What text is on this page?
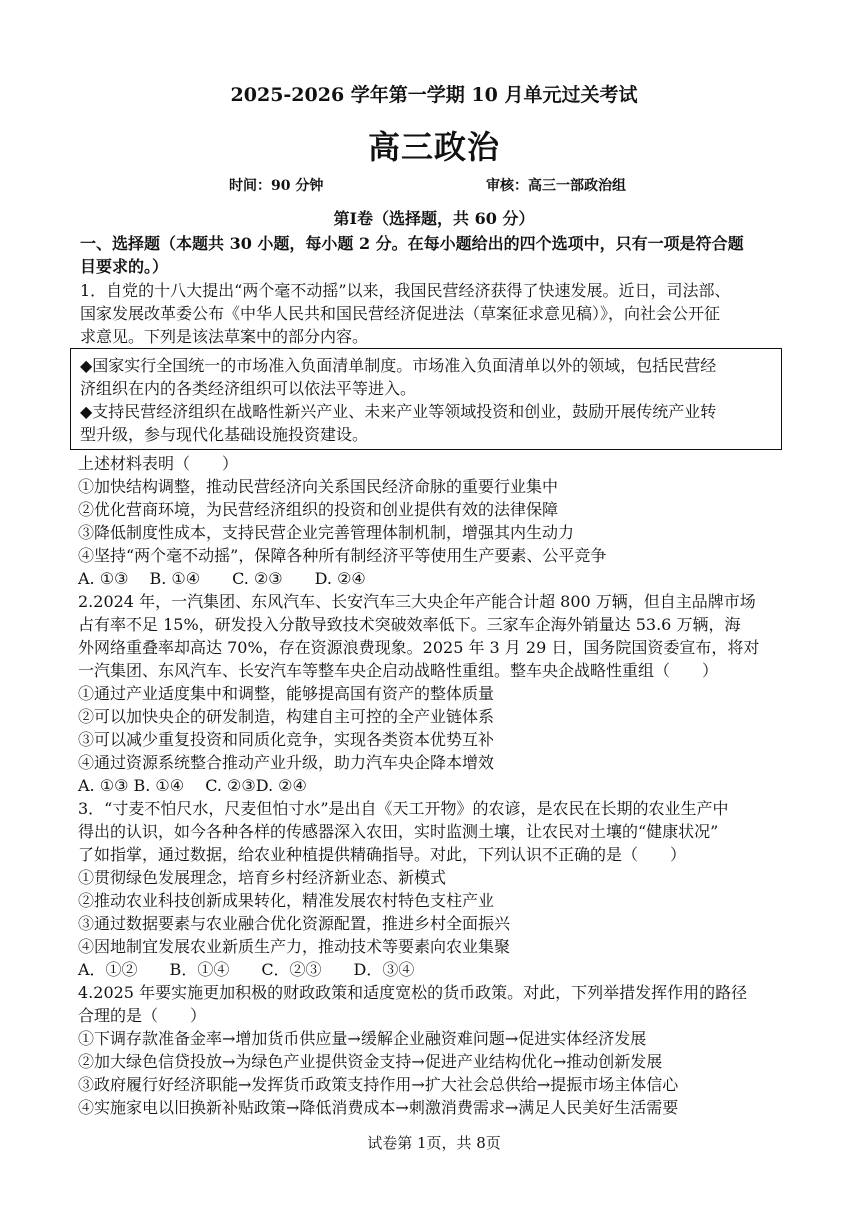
2025-2026 学年第一学期 10 月单元过关考试
高三政治
时间：90 分钟	审核：高三一部政治组
第Ⅰ卷（选择题，共 60 分）
一、选择题（本题共 30 小题，每小题 2 分。在每小题给出的四个选项中，只有一项是符合题
目要求的。）
1．自党的十八大提出“两个毫不动摇”以来，我国民营经济获得了快速发展。近日，司法部、
国家发展改革委公布《中华人民共和国民营经济促进法（草案征求意见稿）》，向社会公开征
求意见。下列是该法草案中的部分内容。
◆国家实行全国统一的市场准入负面清单制度。市场准入负面清单以外的领域，包括民营经
济组织在内的各类经济组织可以依法平等进入。
◆支持民营经济组织在战略性新兴产业、未来产业等领域投资和创业，鼓励开展传统产业转
型升级，参与现代化基础设施投资建设。
上述材料表明（　　）
①加快结构调整，推动民营经济向关系国民经济命脉的重要行业集中
②优化营商环境，为民营经济组织的投资和创业提供有效的法律保障
③降低制度性成本，支持民营企业完善管理体制机制，增强其内生动力
④坚持“两个毫不动摇”，保障各种所有制经济平等使用生产要素、公平竞争
A. ①③　 B. ①④　　C. ②③　　D. ②④
2.2024 年，一汽集团、东风汽车、长安汽车三大央企年产能合计超 800 万辆，但自主品牌市场
占有率不足 15%，研发投入分散导致技术突破效率低下。三家车企海外销量达 53.6 万辆，海
外网络重叠率却高达 70%，存在资源浪费现象。2025 年 3 月 29 日，国务院国资委宣布，将对
一汽集团、东风汽车、长安汽车等整车央企启动战略性重组。整车央企战略性重组（　　）
①通过产业适度集中和调整，能够提高国有资产的整体质量
②可以加快央企的研发制造，构建自主可控的全产业链体系
③可以减少重复投资和同质化竞争，实现各类资本优势互补
④通过资源系统整合推动产业升级，助力汽车央企降本增效
A. ①③ B. ①④　 C. ②③D. ②④
3．“寸麦不怕尺水，尺麦但怕寸水”是出自《天工开物》的农谚，是农民在长期的农业生产中
得出的认识，如今各种各样的传感器深入农田，实时监测土壤，让农民对土壤的“健康状况”
了如指掌，通过数据，给农业种植提供精确指导。对此，下列认识不正确的是（　　）
①贯彻绿色发展理念，培育乡村经济新业态、新模式
②推动农业科技创新成果转化，精准发展农村特色支柱产业
③通过数据要素与农业融合优化资源配置，推进乡村全面振兴
④因地制宜发展农业新质生产力，推动技术等要素向农业集聚
A．①②　　B．①④　　C．②③　　D．③④
4.2025 年要实施更加积极的财政政策和适度宽松的货币政策。对此，下列举措发挥作用的路径
合理的是（　　）
①下调存款准备金率→增加货币供应量→缓解企业融资难问题→促进实体经济发展
②加大绿色信贷投放→为绿色产业提供资金支持→促进产业结构优化→推动创新发展
③政府履行好经济职能→发挥货币政策支持作用→扩大社会总供给→提振市场主体信心
④实施家电以旧换新补贴政策→降低消费成本→刺激消费需求→满足人民美好生活需要
试卷第 1页，共 8页
